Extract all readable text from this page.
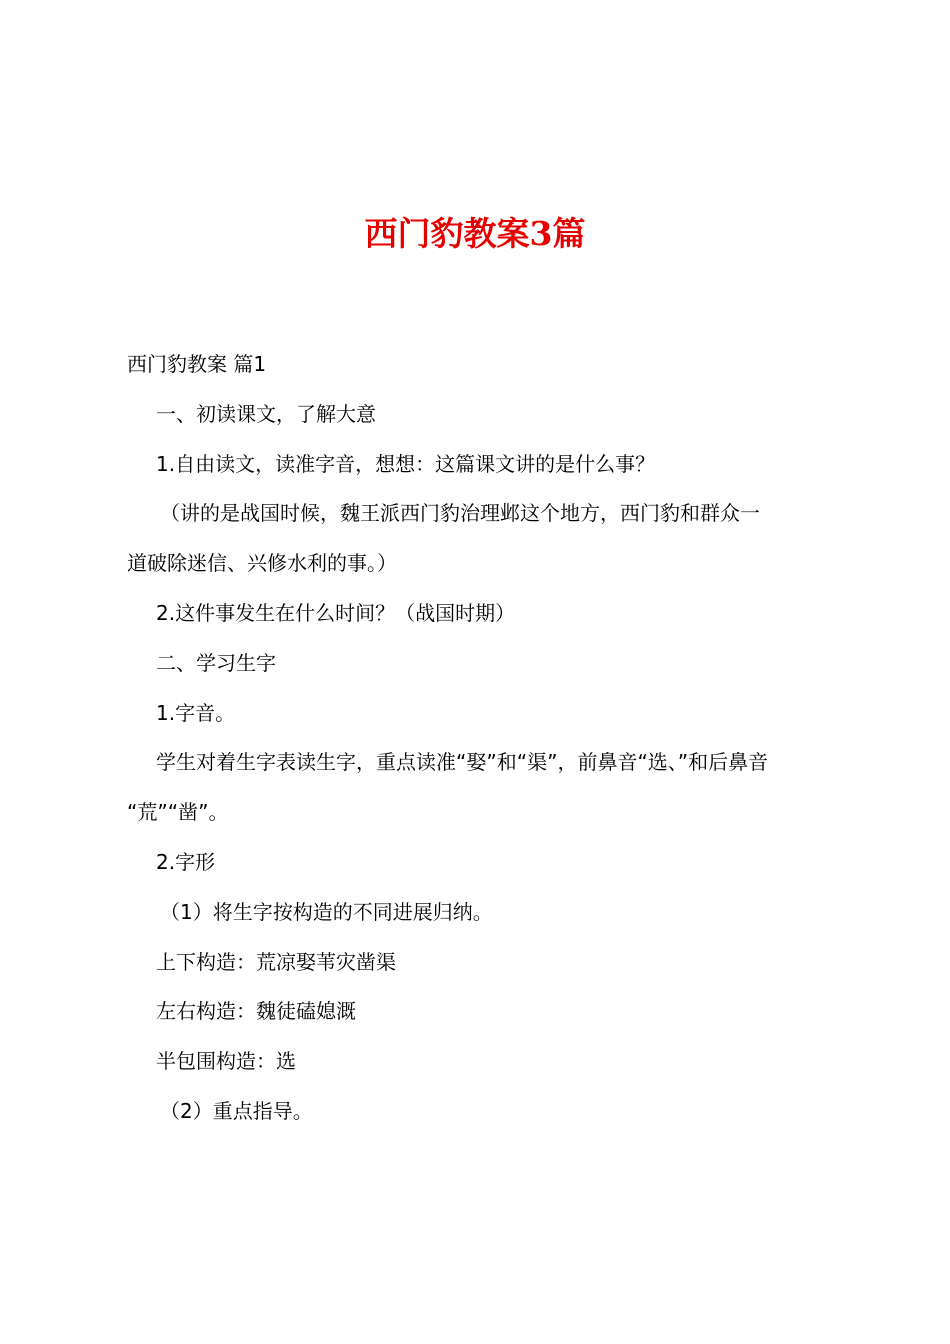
西门豹教案3篇

西门豹教案 篇1

一、初读课文，了解大意

1.自由读文，读准字音，想想：这篇课文讲的是什么事？

（讲的是战国时候，魏王派西门豹治理邺这个地方，西门豹和群众一

道破除迷信、兴修水利的事。）

2.这件事发生在什么时间？（战国时期）

二、学习生字

1.字音。

学生对着生字表读生字，重点读准“娶”和“渠”，前鼻音“选、”和后鼻音

“荒”“凿”。

2.字形

（1）将生字按构造的不同进展归纳。

上下构造：荒凉娶苇灾凿渠

左右构造：魏徒磕媳溉

半包围构造：选

（2）重点指导。
